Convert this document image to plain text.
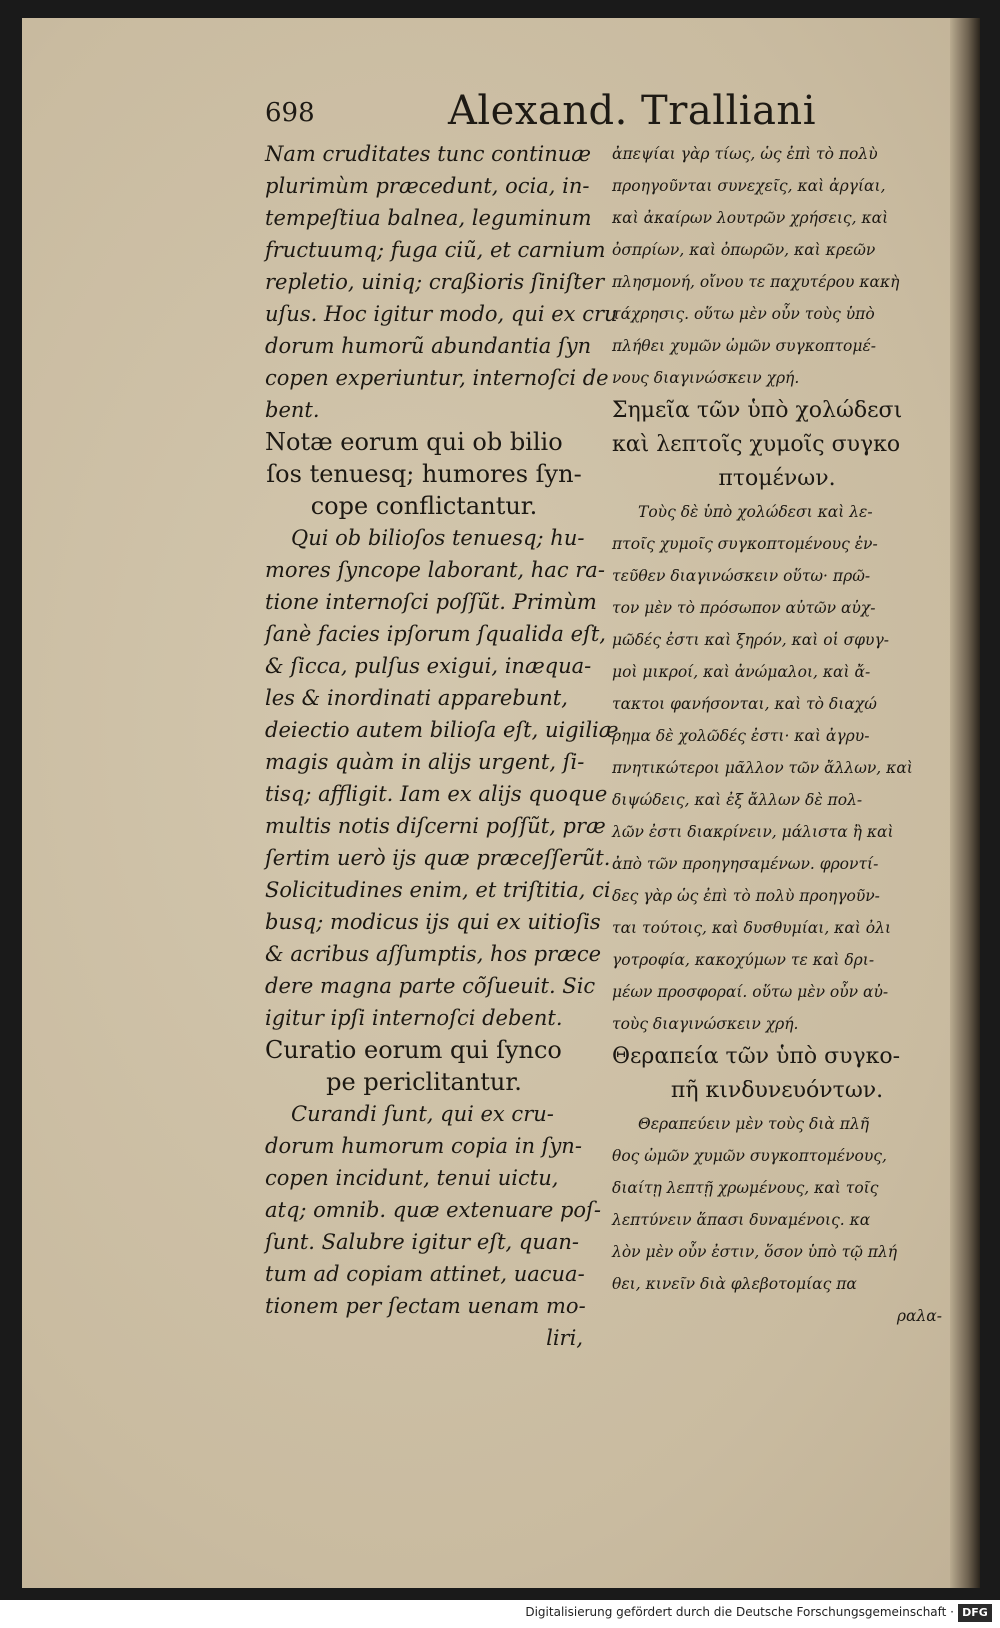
698	Alexand. Tralliani
Nam cruditates tunc continuæ
plurimùm præcedunt, ocia, in-
tempeſtiua balnea, leguminum
fructuumq; fuga ciũ, et carnium
repletio, uiniq; craßioris ſiniſter
uſus. Hoc igitur modo, qui ex cru
dorum humorũ abundantia ſyn
copen experiuntur, internoſci de
bent.
Notæ eorum qui ob bilio
ſos tenuesq; humores ſyn-
cope conflictantur.
Qui ob bilioſos tenuesq; hu-
mores ſyncope laborant, hac ra-
tione internoſci poſſũt. Primùm
ſanè facies ipſorum ſqualida eſt,
& ſicca, pulſus exigui, inæqua-
les & inordinati apparebunt,
deiectio autem bilioſa eſt, uigiliæ
magis quàm in alijs urgent, ſi-
tisq; affligit. Iam ex alijs quoque
multis notis diſcerni poſſũt, præ
ſertim uerò ijs quæ præceſſerũt.
Solicitudines enim, et triſtitia, ci
busq; modicus ijs qui ex uitioſis
& acribus aſſumptis, hos præce
dere magna parte cõſueuit. Sic
igitur ipſi internoſci debent.
Curatio eorum qui ſynco
pe periclitantur.
Curandi ſunt, qui ex cru-
dorum humorum copia in ſyn-
copen incidunt, tenui uictu,
atq; omnib. quæ extenuare poſ-
ſunt. Salubre igitur eſt, quan-
tum ad copiam attinet, uacua-
tionem per ſectam uenam mo-
liri,
ἀπεψίαι γὰρ τίως, ὡς ἐπὶ τὸ πολὺ
προηγοῦνται συνεχεῖς, καὶ ἀργίαι,
καὶ ἀκαίρων λουτρῶν χρήσεις, καὶ
ὀσπρίων, καὶ ὀπωρῶν, καὶ κρεῶν
πλησμονή, οἴνου τε παχυτέρου κακὴ
τάχρησις. οὕτω μὲν οὖν τοὺς ὑπὸ
πλήθει χυμῶν ὠμῶν συγκοπτομέ-
νους διαγινώσκειν χρή.
Σημεῖα τῶν ὑπὸ χολώδεσι
καὶ λεπτοῖς χυμοῖς συγκο
πτομένων.
Τοὺς δὲ ὑπὸ χολώδεσι καὶ λε-
πτοῖς χυμοῖς συγκοπτομένους ἐν-
τεῦθεν διαγινώσκειν οὕτω· πρῶ-
τον μὲν τὸ πρόσωπον αὐτῶν αὐχ-
μῶδές ἐστι καὶ ξηρόν, καὶ οἱ σφυγ-
μοὶ μικροί, καὶ ἀνώμαλοι, καὶ ἄ-
τακτοι φανήσονται, καὶ τὸ διαχώ
ρημα δὲ χολῶδές ἐστι· καὶ ἀγρυ-
πνητικώτεροι μᾶλλον τῶν ἄλλων, καὶ
διψώδεις, καὶ ἐξ ἄλλων δὲ πολ-
λῶν ἐστι διακρίνειν, μάλιστα ἢ καὶ
ἀπὸ τῶν προηγησαμένων. φροντί-
δες γὰρ ὡς ἐπὶ τὸ πολὺ προηγοῦν-
ται τούτοις, καὶ δυσθυμίαι, καὶ ὀλι
γοτροφία, κακοχύμων τε καὶ δρι-
μέων προσφοραί. οὕτω μὲν οὖν αὐ-
τοὺς διαγινώσκειν χρή.
Θεραπεία τῶν ὑπὸ συγκο-
πῆ κινδυνευόντων.
Θεραπεύειν μὲν τοὺς διὰ πλῆ
θος ὠμῶν χυμῶν συγκοπτομένους,
διαίτῃ λεπτῇ χρωμένους, καὶ τοῖς
λεπτύνειν ἅπασι δυναμένοις. κα
λὸν μὲν οὖν ἐστιν, ὅσον ὑπὸ τῷ πλή
θει, κινεῖν διὰ φλεβοτομίας πα
ραλα-
Digitalisierung gefördert durch die Deutsche Forschungsgemeinschaft · DFG
